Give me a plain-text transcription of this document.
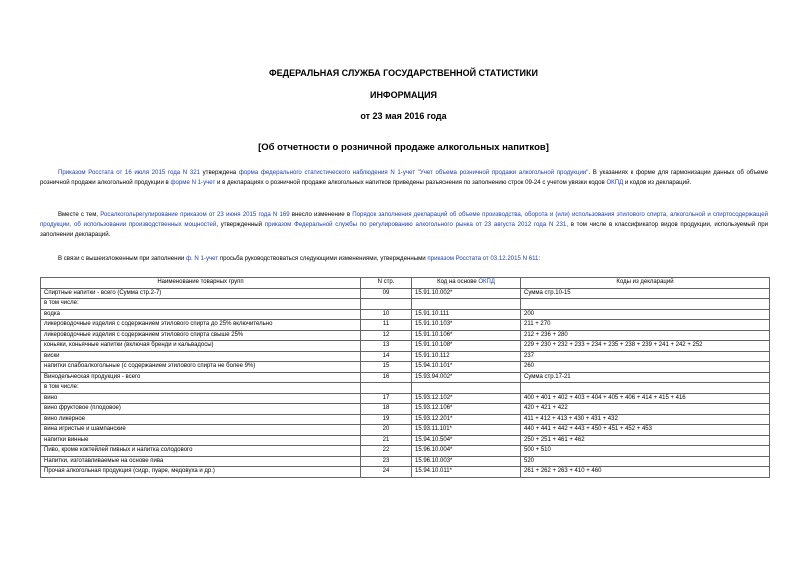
ФЕДЕРАЛЬНАЯ СЛУЖБА ГОСУДАРСТВЕННОЙ СТАТИСТИКИ
ИНФОРМАЦИЯ
от 23 мая 2016 года
[Об отчетности о розничной продаже алкогольных напитков]
Приказом Росстата от 16 июля 2015 года N 321 утверждена форма федерального статистического наблюдения N 1-учет "Учет объема розничной продажи алкогольной продукции". В указаниях к форме для гармонизации данных об объеме розничной продажи алкогольной продукции в форме N 1-учет и в декларациях о розничной продаже алкогольных напитков приведены разъяснения по заполнению строк 09-24 с учетом увязки кодов ОКПД и кодов из деклараций.
Вместе с тем, Росалкогольрегулирование приказом от 23 июня 2015 года N 169 внесло изменение в Порядок заполнения деклараций об объеме производства, оборота и (или) использования этилового спирта, алкогольной и спиртосодержащей продукции, об использовании производственных мощностей, утвержденный приказом Федеральной службы по регулированию алкогольного рынка от 23 августа 2012 года N 231, в том числе в классификатор видов продукции, используемый при заполнении деклараций.
В связи с вышеизложенным при заполнении ф. N 1-учет просьба руководствоваться следующими изменениями, утвержденными приказом Росстата от 03.12.2015 N 611:
Наименование товарных групп	N стр.	Код на основе ОКПД	Коды из деклараций
Спиртные напитки - всего (Сумма стр.2-7)	09	15.91.10.002*	Сумма стр.10-15
в том числе:			
водка	10	15.91.10.111	200
ликероводочные изделия с содержанием этилового спирта до 25% включительно	11	15.91.10.103*	211 + 270
ликероводочные изделия с содержанием этилового спирта свыше 25%	12	15.91.10.106*	212 + 236 + 280
коньяки, коньячные напитки (включая бренди и кальвадосы)	13	15.91.10.108*	229 + 230 + 232 + 233 + 234 + 235 + 238 + 239 + 241 + 242 + 252
виски	14	15.91.10.112	237
напитки слабоалкогольные (с содержанием этилового спирта не более 9%)	15	15.94.10.101*	260
Винодельческая продукция - всего	16	15.93.94.002*	Сумма стр.17-21
в том числе:			
вино	17	15.93.12.102*	400 + 401 + 402 + 403 + 404 + 405 + 406 + 414 + 415 + 416
вино фруктовое (плодовое)	18	15.93.12.106*	420 + 421 + 422
вино ликерное	19	15.93.12.201*	411 + 412 + 413 + 430 + 431 + 432
вина игристые и шампанские	20	15.93.11.101*	440 + 441 + 442 + 443 + 450 + 451 + 452 + 453
напитки винные	21	15.94.10.504*	250 + 251 + 461 + 462
Пиво, кроме коктейлей пивных и напитка солодового	22	15.96.10.004*	500 + 510
Напитки, изготавливаемые на основе пива	23	15.96.10.003*	520
Прочая алкогольная продукция (сидр, пуаре, медовуха и др.)	24	15.94.10.011*	261 + 262 + 263 + 410 + 460
